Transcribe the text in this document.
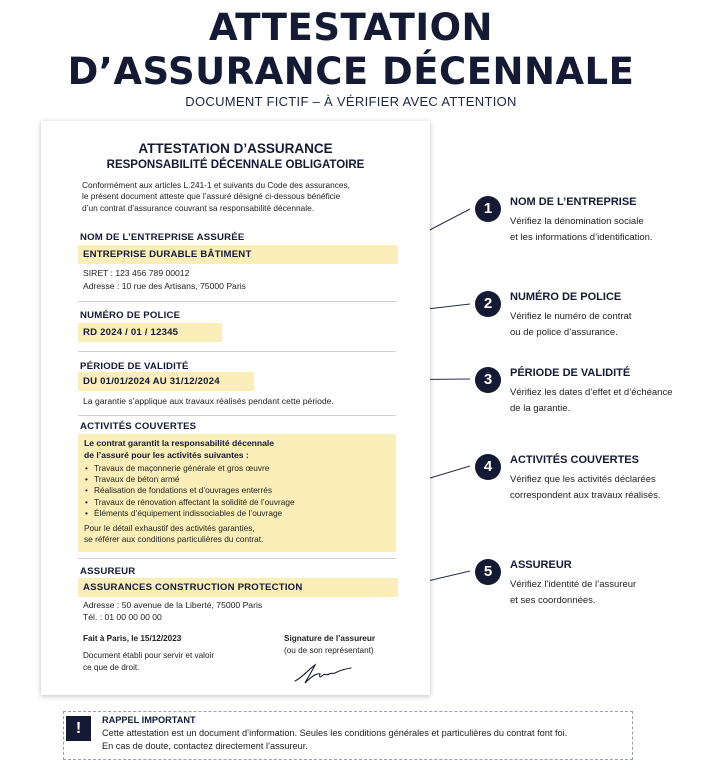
ATTESTATION
D’ASSURANCE DÉCENNALE
DOCUMENT FICTIF – À VÉRIFIER AVEC ATTENTION
ATTESTATION D’ASSURANCE
RESPONSABILITÉ DÉCENNALE OBLIGATOIRE
Conformément aux articles L.241-1 et suivants du Code des assurances,
le présent document atteste que l’assuré désigné ci-dessous bénéficie
d’un contrat d’assurance couvrant sa responsabilité décennale.
NOM DE L’ENTREPRISE ASSURÉE
ENTREPRISE DURABLE BÂTIMENT
SIRET : 123 456 789 00012
Adresse : 10 rue des Artisans, 75000 Paris
NUMÉRO DE POLICE
RD 2024 / 01 / 12345
PÉRIODE DE VALIDITÉ
DU 01/01/2024 AU 31/12/2024
La garantie s’applique aux travaux réalisés pendant cette période.
ACTIVITÉS COUVERTES
Le contrat garantit la responsabilité décennale
de l’assuré pour les activités suivantes :
• Travaux de maçonnerie générale et gros œuvre
• Travaux de béton armé
• Réalisation de fondations et d’ouvrages enterrés
• Travaux de rénovation affectant la solidité de l’ouvrage
• Éléments d’équipement indissociables de l’ouvrage
Pour le détail exhaustif des activités garanties,
se référer aux conditions particulières du contrat.
ASSUREUR
ASSURANCES CONSTRUCTION PROTECTION
Adresse : 50 avenue de la Liberté, 75000 Paris
Tél. : 01 00 00 00 00
Fait à Paris, le 15/12/2023
Document établi pour servir et valoir
ce que de droit.
Signature de l’assureur
(ou de son représentant)
1	NOM DE L’ENTREPRISE
Vérifiez la dénomination sociale
et les informations d’identification.
2	NUMÉRO DE POLICE
Vérifiez le numéro de contrat
ou de police d’assurance.
3	PÉRIODE DE VALIDITÉ
Vérifiez les dates d’effet et d’échéance
de la garantie.
4	ACTIVITÉS COUVERTES
Vérifiez que les activités déclarées
correspondent aux travaux réalisés.
5	ASSUREUR
Vérifiez l’identité de l’assureur
et ses coordonnées.
!	RAPPEL IMPORTANT
Cette attestation est un document d’information. Seules les conditions générales et particulières du contrat font foi.
En cas de doute, contactez directement l’assureur.
